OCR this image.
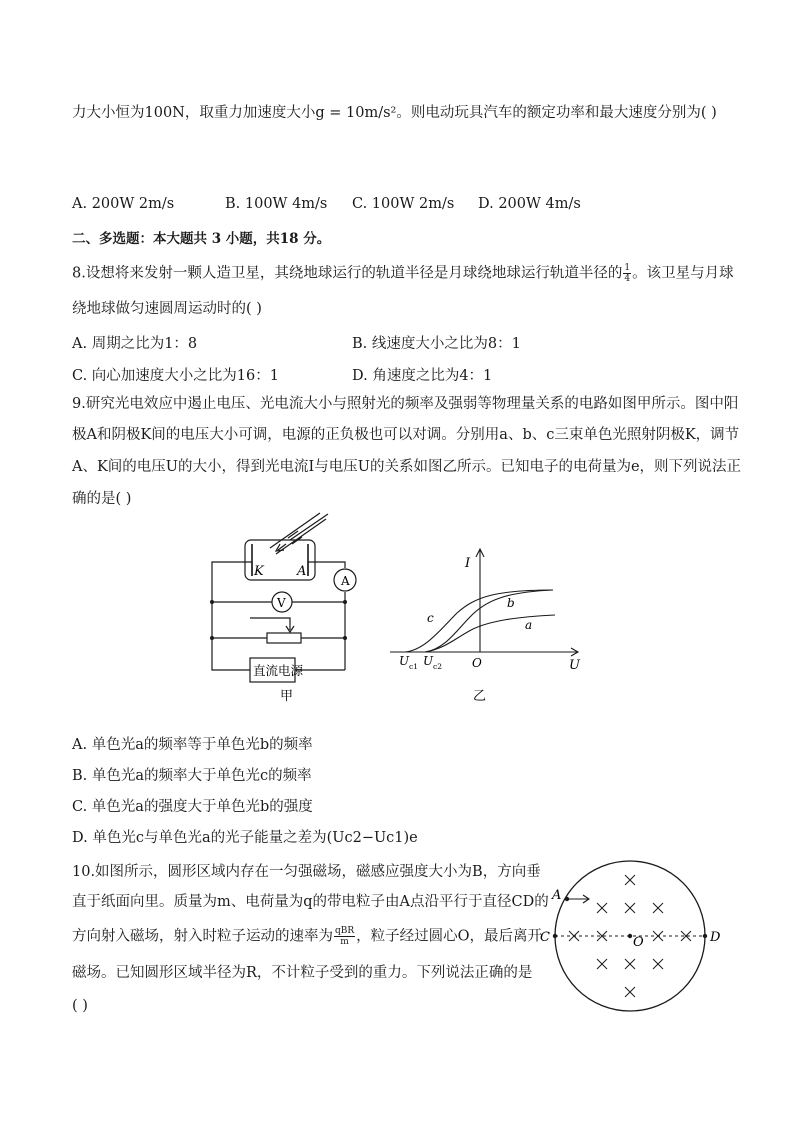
力大小恒为100N，取重力加速度大小g = 10m/s²。则电动玩具汽车的额定功率和最大速度分别为( )
A. 200W 2m/s	B. 100W 4m/s C. 100W 2m/s D. 200W 4m/s
二、多选题：本大题共 3 小题，共18 分。
8.设想将来发射一颗人造卫星，其绕地球运行的轨道半径是月球绕地球运行轨道半径的 $\frac{1}{4}$ 。该卫星与月球
绕地球做匀速圆周运动时的( )
A. 周期之比为1：8	B. 线速度大小之比为8：1
C. 向心加速度大小之比为16：1	D. 角速度之比为4：1
9.研究光电效应中遏止电压、光电流大小与照射光的频率及强弱等物理量关系的电路如图甲所示。图中阳
极A和阴极K间的电压大小可调，电源的正负极也可以对调。分别用a、b、c三束单色光照射阴极K，调节
A、K间的电压U的大小，得到光电流I与电压U的关系如图乙所示。已知电子的电荷量为e，则下列说法正
确的是( )
K	A
A
V
直流电源
甲
I
U
O
c
b
a
U c1 U c2
乙
A. 单色光a的频率等于单色光b的频率
B. 单色光a的频率大于单色光c的频率
C. 单色光a的强度大于单色光b的强度
D. 单色光c与单色光a的光子能量之差为(Uc2−Uc1)e
10.如图所示，圆形区域内存在一匀强磁场，磁感应强度大小为B，方向垂
直于纸面向里。质量为m、电荷量为q的带电粒子由A点沿平行于直径CD的
方向射入磁场，射入时粒子运动的速率为 $\frac{\text{qBR}}{m}$ ，粒子经过圆心O，最后离开
磁场。已知圆形区域半径为R，不计粒子受到的重力。下列说法正确的是
( )
A
C	D
O
